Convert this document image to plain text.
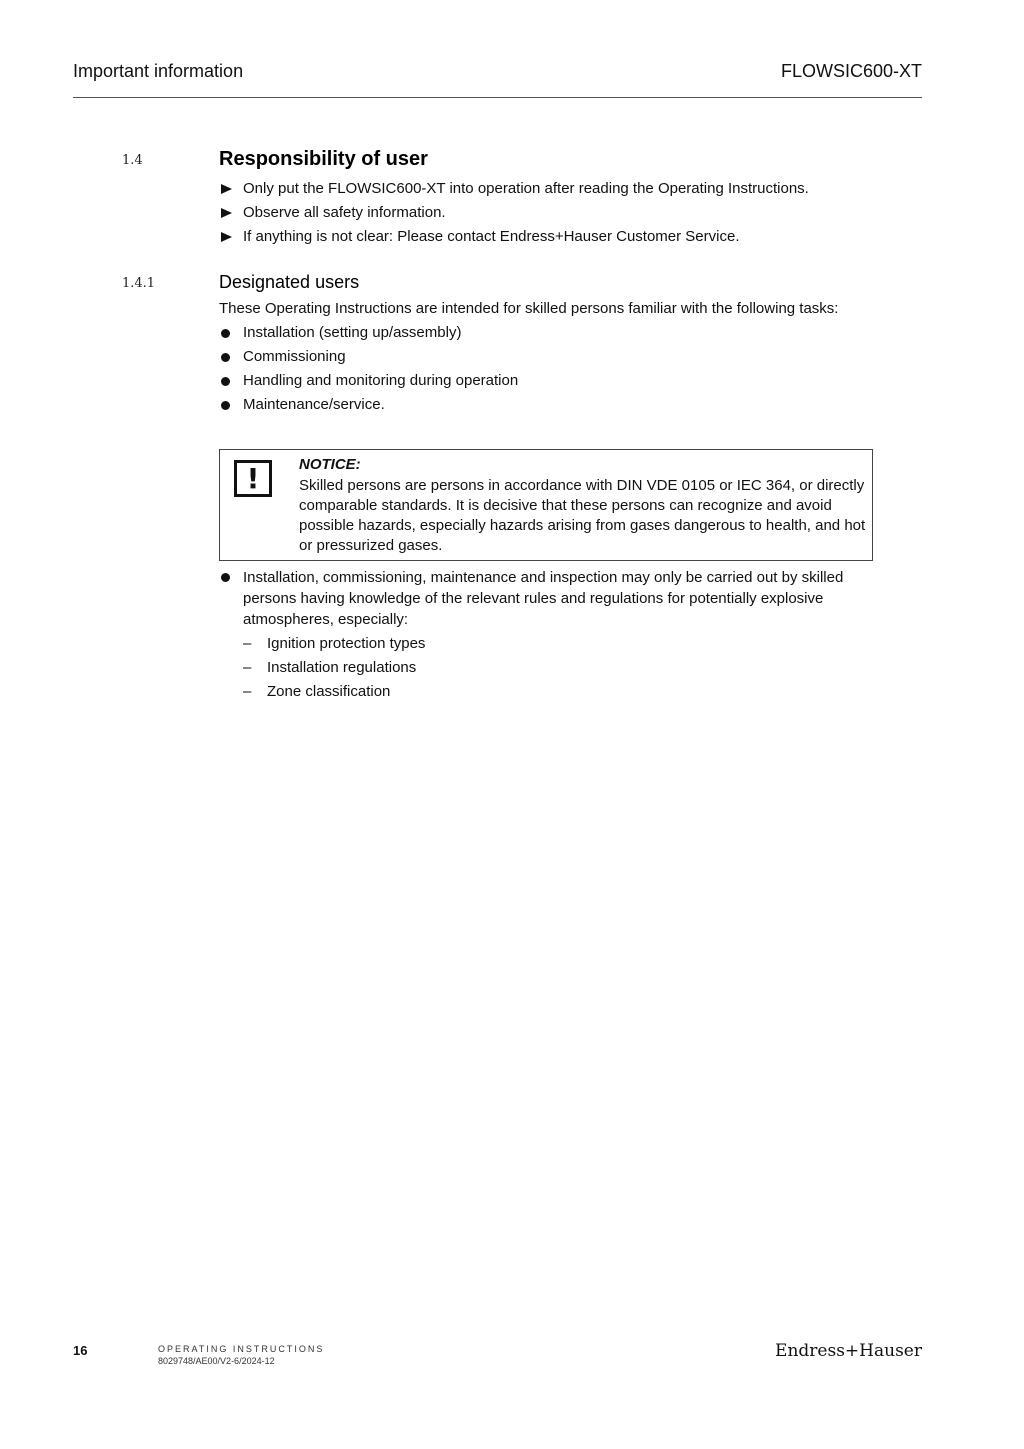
Important information	FLOWSIC600-XT
1.4	Responsibility of user
Only put the FLOWSIC600-XT into operation after reading the Operating Instructions.
Observe all safety information.
If anything is not clear: Please contact Endress+Hauser Customer Service.
1.4.1	Designated users
These Operating Instructions are intended for skilled persons familiar with the following tasks:
Installation (setting up/assembly)
Commissioning
Handling and monitoring during operation
Maintenance/service.
!	NOTICE:
Skilled persons are persons in accordance with DIN VDE 0105 or IEC 364, or directly comparable standards. It is decisive that these persons can recognize and avoid possible hazards, especially hazards arising from gases dangerous to health, and hot or pressurized gases.
Installation, commissioning, maintenance and inspection may only be carried out by skilled persons having knowledge of the relevant rules and regulations for potentially explosive atmospheres, especially:
– Ignition protection types
– Installation regulations
– Zone classification
16	OPERATING INSTRUCTIONS
8029748/AE00/V2-6/2024-12	Endress+Hauser
